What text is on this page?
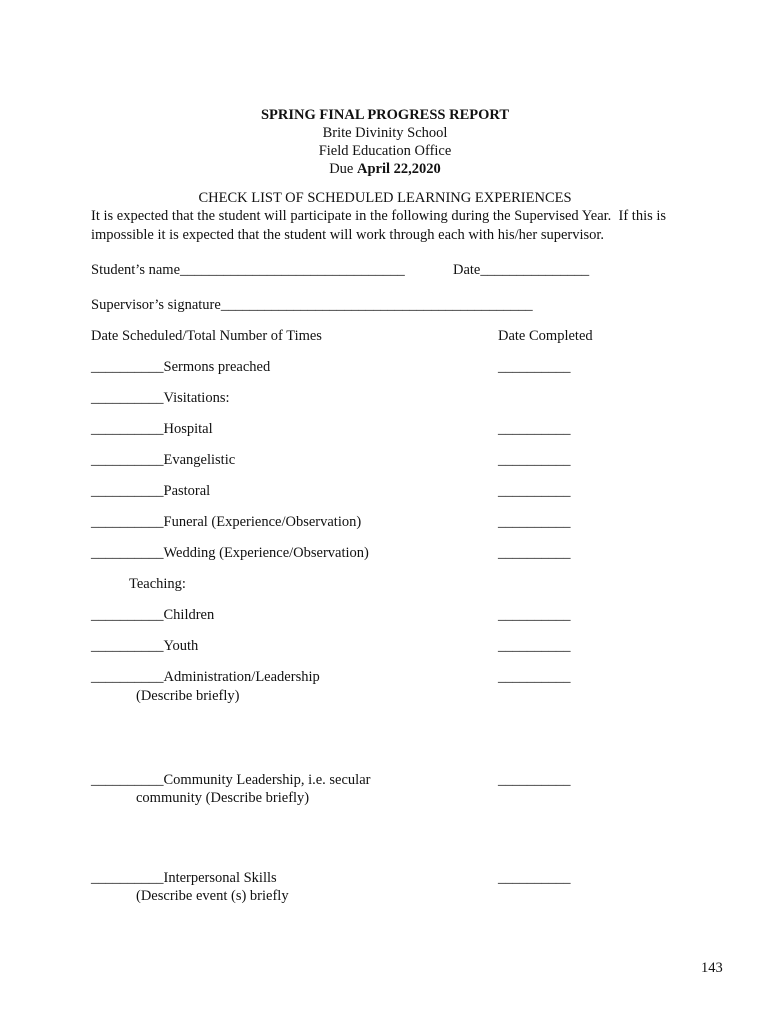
SPRING FINAL PROGRESS REPORT
Brite Divinity School
Field Education Office
Due April 22,2020
CHECK LIST OF SCHEDULED LEARNING EXPERIENCES
It is expected that the student will participate in the following during the Supervised Year.  If this is
impossible it is expected that the student will work through each with his/her supervisor.
Student’s name_______________________________	Date_______________
Supervisor’s signature___________________________________________
Date Scheduled/Total Number of Times	Date Completed
__________Sermons preached	__________
__________Visitations:
__________Hospital	__________
__________Evangelistic	__________
__________Pastoral	__________
__________Funeral (Experience/Observation)	__________
__________Wedding (Experience/Observation)	__________
Teaching:
__________Children	__________
__________Youth	__________
__________Administration/Leadership	__________
(Describe briefly)
__________Community Leadership, i.e. secular	__________
community (Describe briefly)
__________Interpersonal Skills	__________
(Describe event (s) briefly
143
